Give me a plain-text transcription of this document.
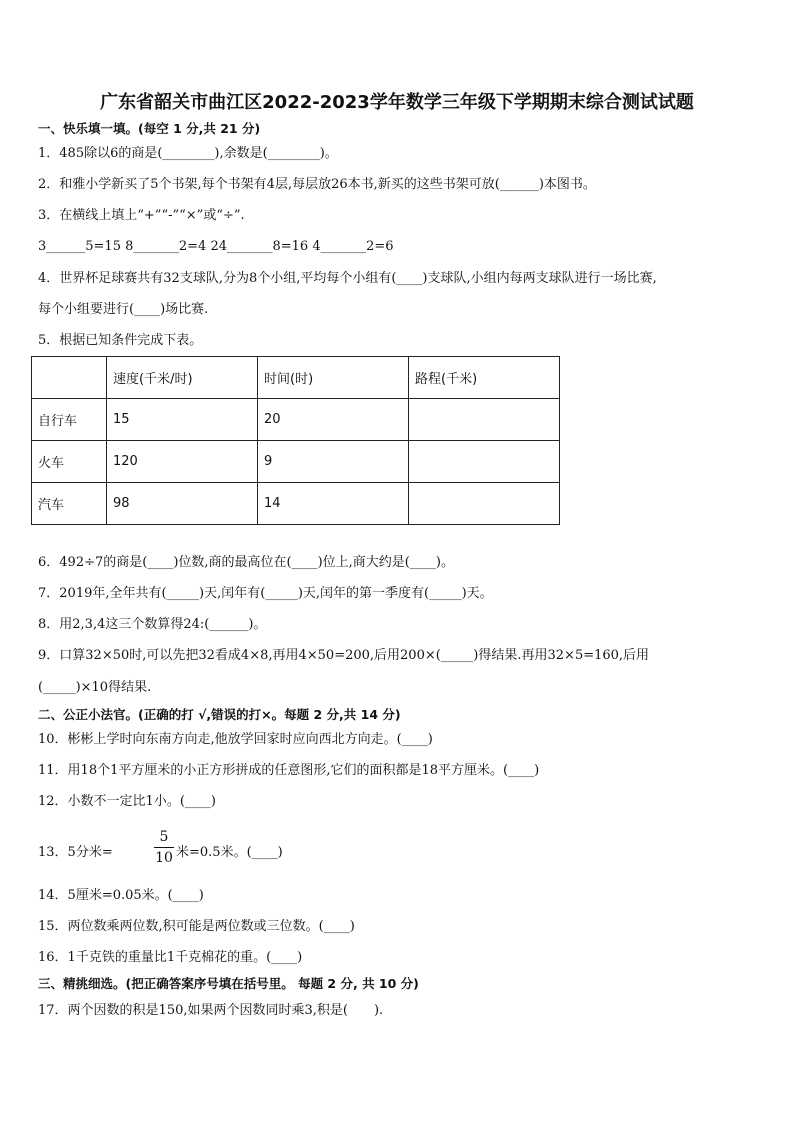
广东省韶关市曲江区2022-2023学年数学三年级下学期期末综合测试试题
一、快乐填一填。(每空 1 分,共 21 分)
1．485除以6的商是(________),余数是(________)。
2．和雅小学新买了5个书架,每个书架有4层,每层放26本书,新买的这些书架可放(______)本图书。
3．在横线上填上“+”“-”“×”或“÷”.
3______5=15 8_______2=4 24_______8=16 4_______2=6
4．世界杯足球赛共有32支球队,分为8个小组,平均每个小组有(____)支球队,小组内每两支球队进行一场比赛,
每个小组要进行(____)场比赛.
5．根据已知条件完成下表。
	速度(千米/时)	时间(时)	路程(千米)
自行车	15	20	
火车	120	9	
汽车	98	14	
6．492÷7的商是(____)位数,商的最高位在(____)位上,商大约是(____)。
7．2019年,全年共有(_____)天,闰年有(_____)天,闰年的第一季度有(_____)天。
8．用2,3,4这三个数算得24:(______)。
9．口算32×50时,可以先把32看成4×8,再用4×50=200,后用200×(_____)得结果.再用32×5=160,后用
(_____)×10得结果.
二、公正小法官。(正确的打 √,错误的打×。每题 2 分,共 14 分)
10．彬彬上学时向东南方向走,他放学回家时应向西北方向走。(____)
11．用18个1平方厘米的小正方形拼成的任意图形,它们的面积都是18平方厘米。(____)
12．小数不一定比1小。(____)
13．5分米=
5
10 米=0.5米。(____)
14．5厘米=0.05米。(____)
15．两位数乘两位数,积可能是两位数或三位数。(____)
16．1千克铁的重量比1千克棉花的重。(____)
三、精挑细选。(把正确答案序号填在括号里。 每题 2 分, 共 10 分)
17．两个因数的积是150,如果两个因数同时乘3,积是(　　).
